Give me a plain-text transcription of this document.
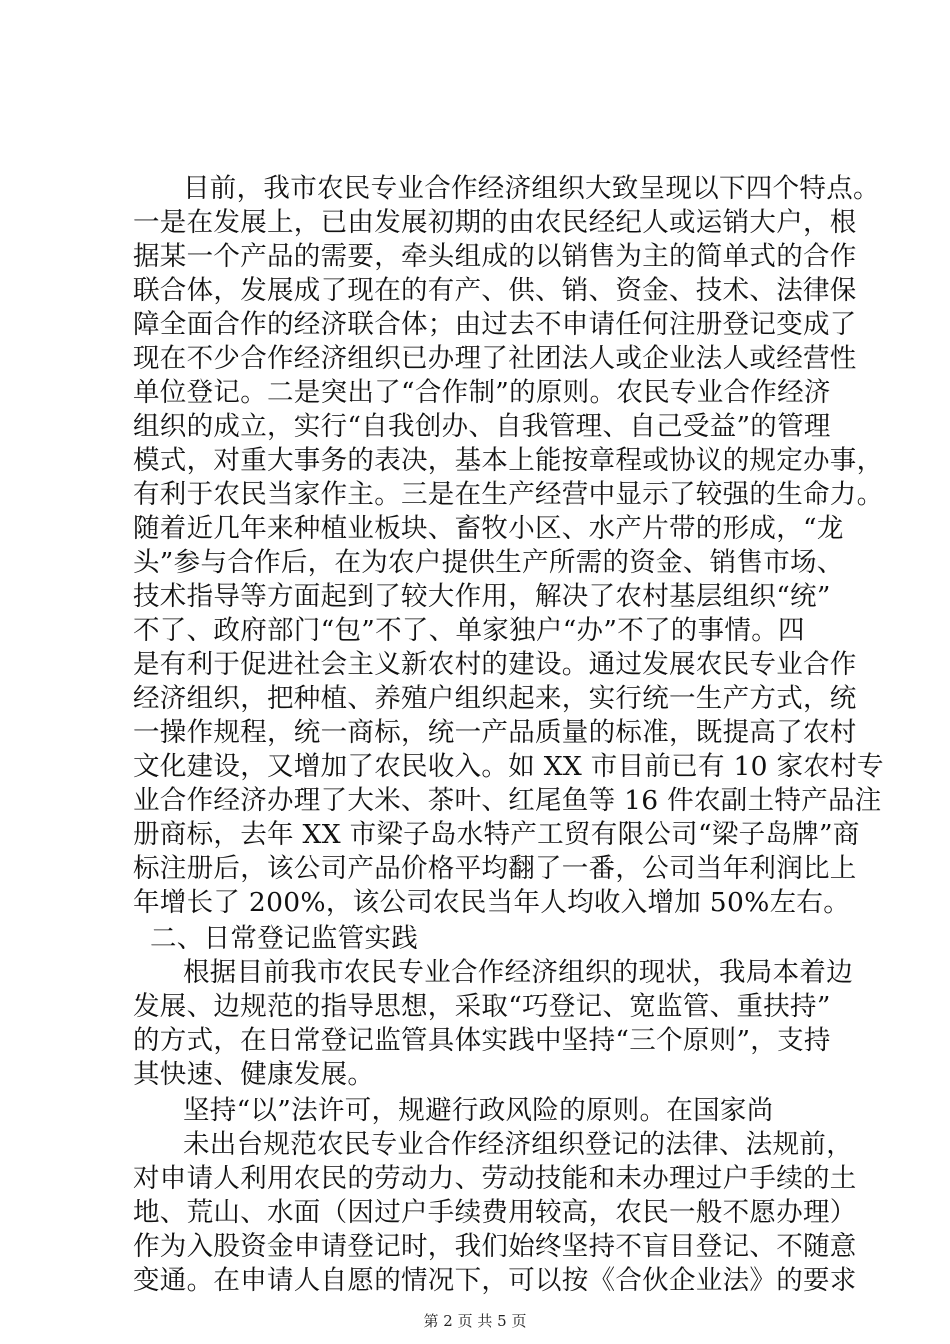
目前，我市农民专业合作经济组织大致呈现以下四个特点。
一是在发展上，已由发展初期的由农民经纪人或运销大户，根
据某一个产品的需要，牵头组成的以销售为主的简单式的合作
联合体，发展成了现在的有产、供、销、资金、技术、法律保
障全面合作的经济联合体；由过去不申请任何注册登记变成了
现在不少合作经济组织已办理了社团法人或企业法人或经营性
单位登记。二是突出了“合作制”的原则。农民专业合作经济
组织的成立，实行“自我创办、自我管理、自己受益”的管理
模式，对重大事务的表决，基本上能按章程或协议的规定办事，
有利于农民当家作主。三是在生产经营中显示了较强的生命力。
随着近几年来种植业板块、畜牧小区、水产片带的形成，“龙
头”参与合作后，在为农户提供生产所需的资金、销售市场、
技术指导等方面起到了较大作用，解决了农村基层组织“统”
不了、政府部门“包”不了、单家独户“办”不了的事情。四
是有利于促进社会主义新农村的建设。通过发展农民专业合作
经济组织，把种植、养殖户组织起来，实行统一生产方式，统
一操作规程，统一商标，统一产品质量的标准，既提高了农村
文化建设，又增加了农民收入。如 XX 市目前已有 10 家农村专
业合作经济办理了大米、茶叶、红尾鱼等 16 件农副土特产品注
册商标，去年 XX 市梁子岛水特产工贸有限公司“梁子岛牌”商
标注册后，该公司产品价格平均翻了一番，公司当年利润比上
年增长了 200%，该公司农民当年人均收入增加 50%左右。
二、日常登记监管实践
根据目前我市农民专业合作经济组织的现状，我局本着边
发展、边规范的指导思想，采取“巧登记、宽监管、重扶持”
的方式，在日常登记监管具体实践中坚持“三个原则”，支持
其快速、健康发展。
坚持“以”法许可，规避行政风险的原则。在国家尚
未出台规范农民专业合作经济组织登记的法律、法规前，
对申请人利用农民的劳动力、劳动技能和未办理过户手续的土
地、荒山、水面（因过户手续费用较高，农民一般不愿办理）
作为入股资金申请登记时，我们始终坚持不盲目登记、不随意
变通。在申请人自愿的情况下，可以按《合伙企业法》的要求
第 2 页 共 5 页
